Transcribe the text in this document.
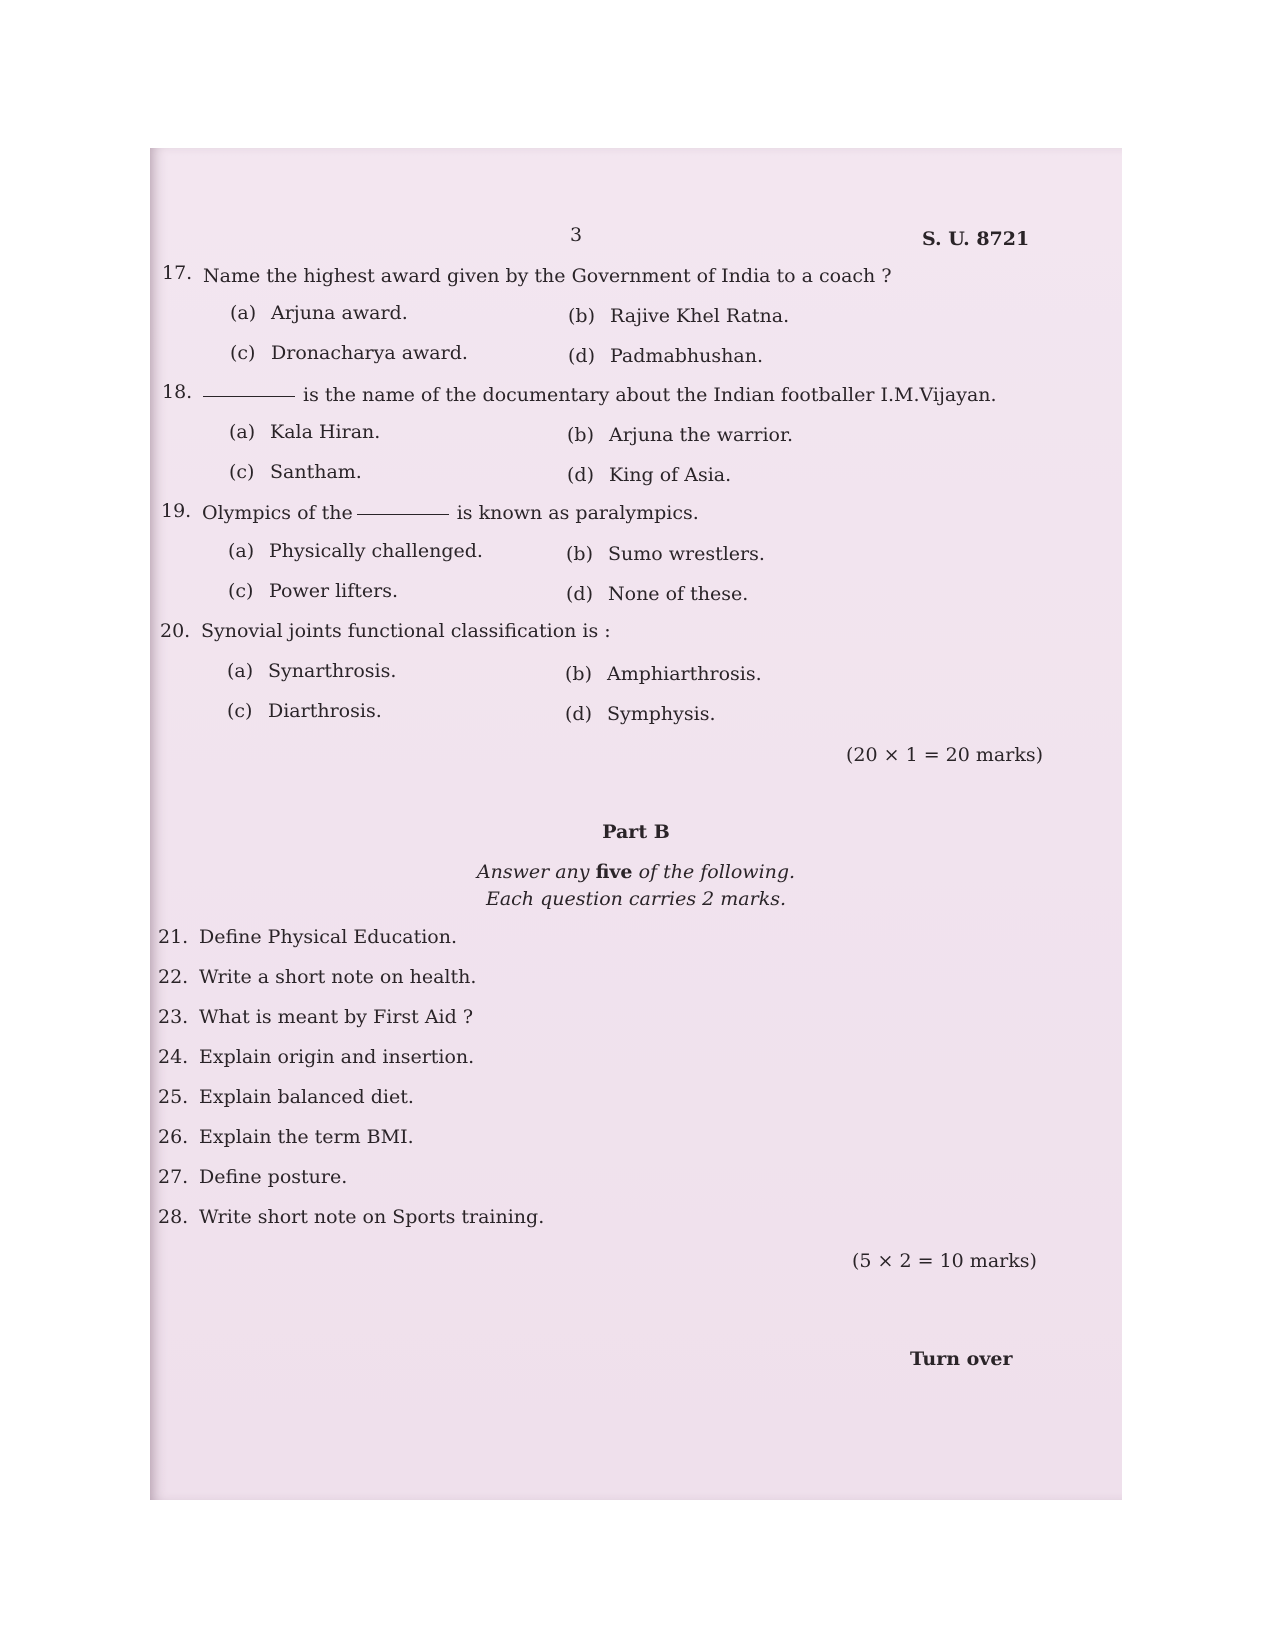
3	S. U. 8721
17. Name the highest award given by the Government of India to a coach ?
(a) Arjuna award.	(b) Rajive Khel Ratna.
(c) Dronacharya award.	(d) Padmabhushan.
18.	is the name of the documentary about the Indian footballer I.M.Vijayan.
(a) Kala Hiran.	(b) Arjuna the warrior.
(c) Santham.	(d) King of Asia.
19. Olympics of the	is known as paralympics.
(a) Physically challenged.	(b) Sumo wrestlers.
(c) Power lifters.	(d) None of these.
20. Synovial joints functional classification is :
(a) Synarthrosis.	(b) Amphiarthrosis.
(c) Diarthrosis.	(d) Symphysis.
(20 × 1 = 20 marks)
Part B
Answer any five of the following.
Each question carries 2 marks.
21. Define Physical Education.
22. Write a short note on health.
23. What is meant by First Aid ?
24. Explain origin and insertion.
25. Explain balanced diet.
26. Explain the term BMI.
27. Define posture.
28. Write short note on Sports training.
(5 × 2 = 10 marks)
Turn over
